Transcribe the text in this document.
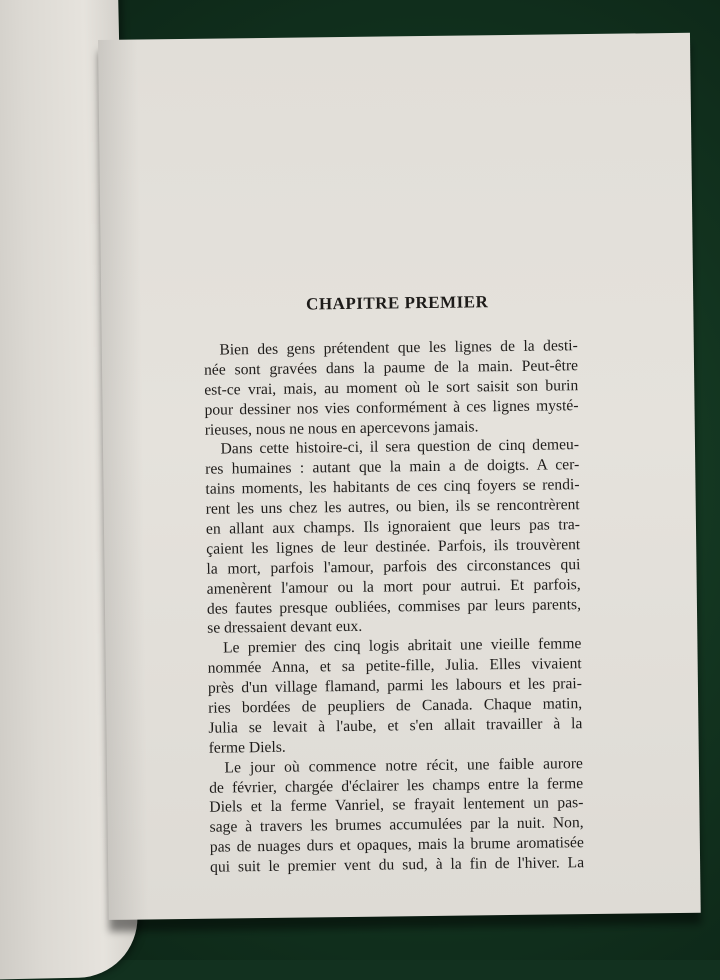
CHAPITRE PREMIER
Bien des gens prétendent que les lignes de la desti-
née sont gravées dans la paume de la main. Peut-être
est-ce vrai, mais, au moment où le sort saisit son burin
pour dessiner nos vies conformément à ces lignes mysté-
rieuses, nous ne nous en apercevons jamais.
Dans cette histoire-ci, il sera question de cinq demeu-
res humaines : autant que la main a de doigts. A cer-
tains moments, les habitants de ces cinq foyers se rendi-
rent les uns chez les autres, ou bien, ils se rencontrèrent
en allant aux champs. Ils ignoraient que leurs pas tra-
çaient les lignes de leur destinée. Parfois, ils trouvèrent
la mort, parfois l'amour, parfois des circonstances qui
amenèrent l'amour ou la mort pour autrui. Et parfois,
des fautes presque oubliées, commises par leurs parents,
se dressaient devant eux.
Le premier des cinq logis abritait une vieille femme
nommée Anna, et sa petite-fille, Julia. Elles vivaient
près d'un village flamand, parmi les labours et les prai-
ries bordées de peupliers de Canada. Chaque matin,
Julia se levait à l'aube, et s'en allait travailler à la
ferme Diels.
Le jour où commence notre récit, une faible aurore
de février, chargée d'éclairer les champs entre la ferme
Diels et la ferme Vanriel, se frayait lentement un pas-
sage à travers les brumes accumulées par la nuit. Non,
pas de nuages durs et opaques, mais la brume aromatisée
qui suit le premier vent du sud, à la fin de l'hiver. La
